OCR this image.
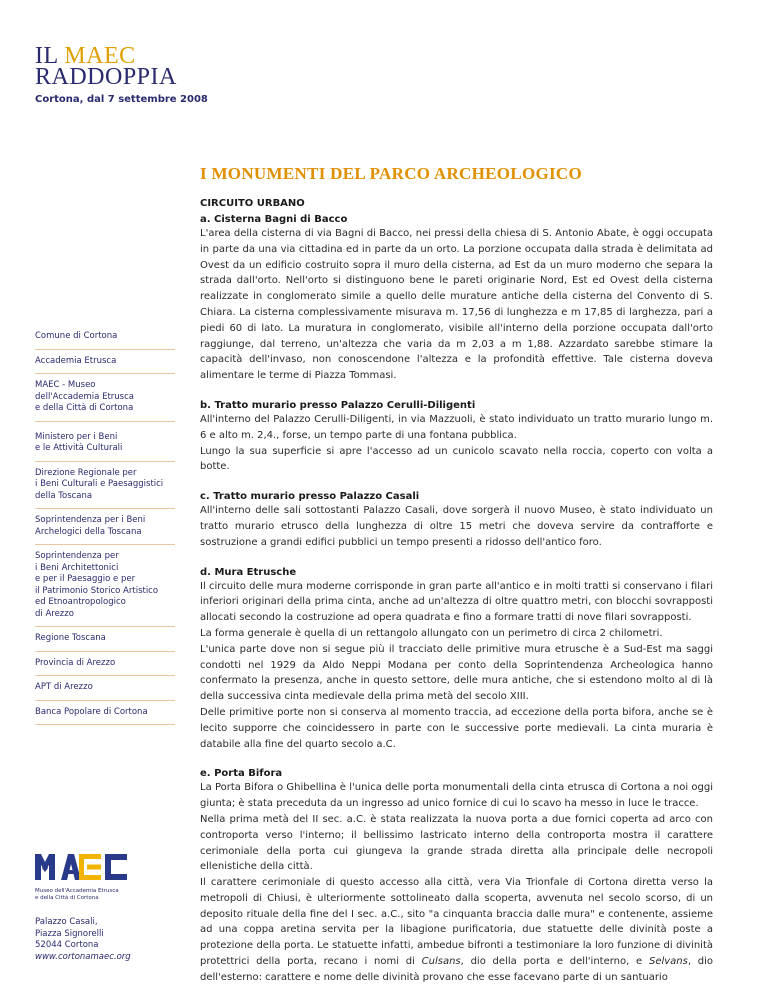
IL MAEC
RADDOPPIA
Cortona, dal 7 settembre 2008
Comune di Cortona
Accademia Etrusca
MAEC - Museo
dell'Accademia Etrusca
e della Città di Cortona
Ministero per i Beni
e le Attività Culturali
Direzione Regionale per
i Beni Culturali e Paesaggistici
della Toscana
Soprintendenza per i Beni
Archelogici della Toscana
Soprintendenza per
i Beni Architettonici
e per il Paesaggio e per
il Patrimonio Storico Artistico
ed Etnoantropologico
di Arezzo
Regione Toscana
Provincia di Arezzo
APT di Arezzo
Banca Popolare di Cortona
Museo dell'Accademia Etrusca
e della Città di Cortona
Palazzo Casali,
Piazza Signorelli
52044 Cortona
www.cortonamaec.org
I MONUMENTI DEL PARCO ARCHEOLOGICO
CIRCUITO URBANO
a. Cisterna Bagni di Bacco

L'area della cisterna di via Bagni di Bacco, nei pressi della chiesa di S. Antonio Abate, è oggi occupata in parte da una via cittadina ed in parte da un orto. La porzione occupata dalla strada è delimitata ad Ovest da un edificio costruito sopra il muro della cisterna, ad Est da un muro moderno che separa la strada dall'orto. Nell'orto si distinguono bene le pareti originarie Nord, Est ed Ovest della cisterna realizzate in conglomerato simile a quello delle murature antiche della cisterna del Convento di S. Chiara. La cisterna complessivamente misurava m. 17,56 di lunghezza e m 17,85 di larghezza, pari a piedi 60 di lato. La muratura in conglomerato, visibile all'interno della porzione occupata dall'orto raggiunge, dal terreno, un'altezza che varia da m 2,03 a m 1,88. Azzardato sarebbe stimare la capacità dell'invaso, non conoscendone l'altezza e la profondità effettive. Tale cisterna doveva alimentare le terme di Piazza Tommasi.

b. Tratto murario presso Palazzo Cerulli-Diligenti

All'interno del Palazzo Cerulli-Diligenti, in via Mazzuoli, è stato individuato un tratto murario lungo m. 6 e alto m. 2,4., forse, un tempo parte di una fontana pubblica.

Lungo la sua superficie si apre l'accesso ad un cunicolo scavato nella roccia, coperto con volta a botte.

c. Tratto murario presso Palazzo Casali

All'interno delle sali sottostanti Palazzo Casali, dove sorgerà il nuovo Museo, è stato individuato un tratto murario etrusco della lunghezza di oltre 15 metri che doveva servire da contrafforte e sostruzione a grandi edifici pubblici un tempo presenti a ridosso dell'antico foro.

d. Mura Etrusche

Il circuito delle mura moderne corrisponde in gran parte all'antico e in molti tratti si conservano i filari inferiori originari della prima cinta, anche ad un'altezza di oltre quattro metri, con blocchi sovrapposti allocati secondo la costruzione ad opera quadrata e fino a formare tratti di nove filari sovrapposti.

La forma generale è quella di un rettangolo allungato con un perimetro di circa 2 chilometri.

L'unica parte dove non si segue più il tracciato delle primitive mura etrusche è a Sud-Est ma saggi condotti nel 1929 da Aldo Neppi Modana per conto della Soprintendenza Archeologica hanno confermato la presenza, anche in questo settore, delle mura antiche, che si estendono molto al di là della successiva cinta medievale della prima metà del secolo XIII.

Delle primitive porte non si conserva al momento traccia, ad eccezione della porta bifora, anche se è lecito supporre che coincidessero in parte con le successive porte medievali. La cinta muraria è databile alla fine del quarto secolo a.C.

e. Porta Bifora

La Porta Bifora o Ghibellina è l'unica delle porta monumentali della cinta etrusca di Cortona a noi oggi giunta; è stata preceduta da un ingresso ad unico fornice di cui lo scavo ha messo in luce le tracce.

Nella prima metà del II sec. a.C. è stata realizzata la nuova porta a due fornici coperta ad arco con controporta verso l'interno; il bellissimo lastricato interno della controporta mostra il carattere cerimoniale della porta cui giungeva la grande strada diretta alla principale delle necropoli ellenistiche della città.

Il carattere cerimoniale di questo accesso alla città, vera Via Trionfale di Cortona diretta verso la metropoli di Chiusi, è ulteriormente sottolineato dalla scoperta, avvenuta nel secolo scorso, di un deposito rituale della fine del I sec. a.C., sito "a cinquanta braccia dalle mura" e contenente, assieme ad una coppa aretina servita per la libagione purificatoria, due statuette delle divinità poste a protezione della porta. Le statuette infatti, ambedue bifronti a testimoniare la loro funzione di divinità protettrici della porta, recano i nomi di Culsans, dio della porta e dell'interno, e Selvans, dio dell'esterno: carattere e nome delle divinità provano che esse facevano parte di un santuario
